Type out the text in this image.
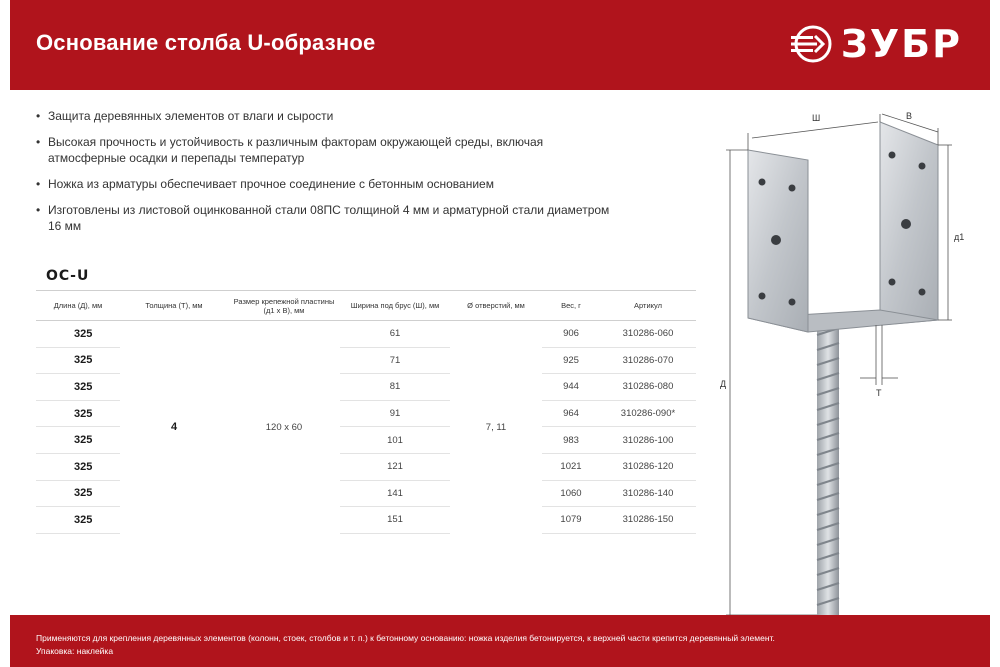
Основание столба U-образное	ЗУБР
• Защита деревянных элементов от влаги и сырости
• Высокая прочность и устойчивость к различным факторам окружающей среды, включая атмосферные осадки и перепады температур
• Ножка из арматуры обеспечивает прочное соединение с бетонным основанием
• Изготовлены из листовой оцинкованной стали 08ПС толщиной 4 мм и арматурной стали диаметром 16 мм
ОС-U
Длина (Д), мм	Толщина (Т), мм	Размер крепежной пластины (д1 х В), мм	Ширина под брус (Ш), мм	Ø отверстий, мм	Вес, г	Артикул
325	4	120 х 60	61	7, 11	906	310286-060
325			71		925	310286-070
325			81		944	310286-080
325			91		964	310286-090*
325			101		983	310286-100
325			121		1021	310286-120
325			141		1060	310286-140
325			151		1079	310286-150
Ш	В
д1
Д
Т
Применяются для крепления деревянных элементов (колонн, стоек, столбов и т. п.) к бетонному основанию: ножка изделия бетонируется, к верхней части крепится деревянный элемент.
Упаковка: наклейка
